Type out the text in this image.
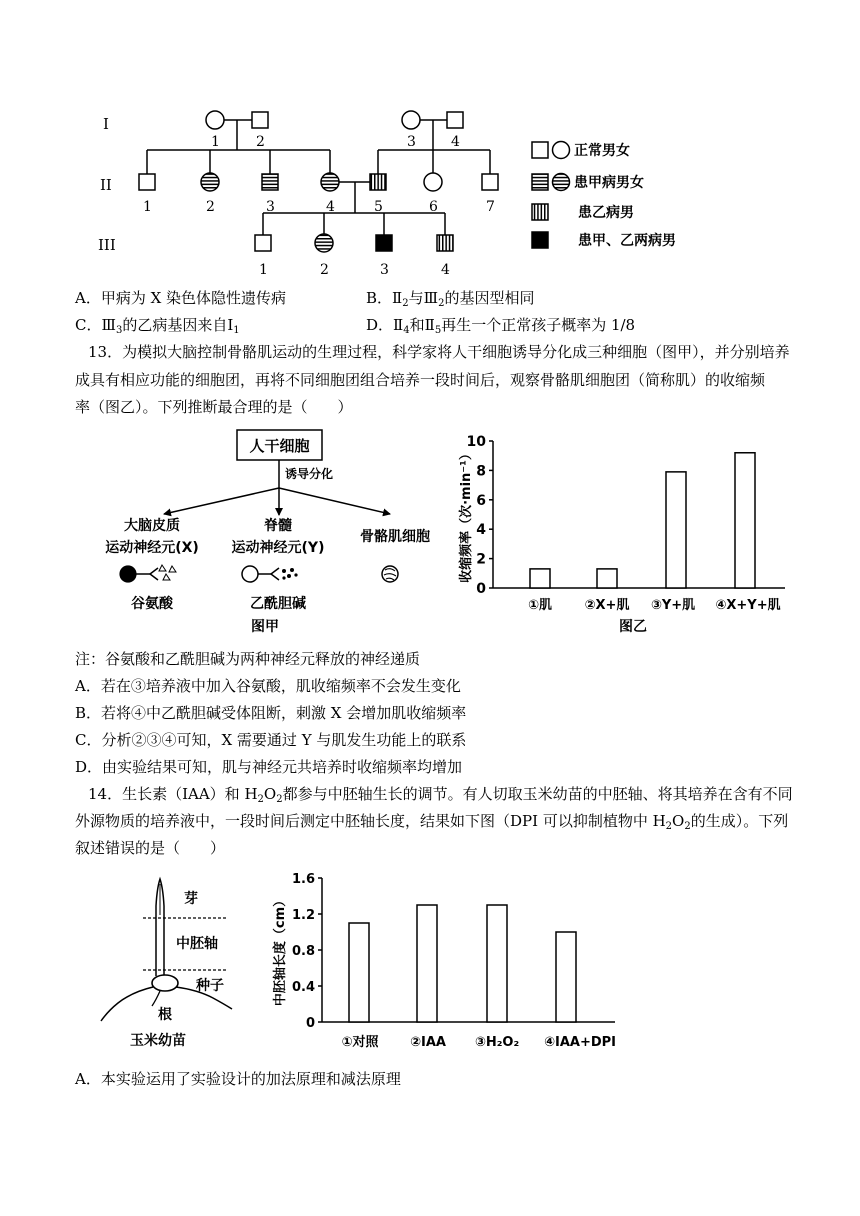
I
II
III
1	2	3	4
1	2	3	4	5	6	7
1	2	3	4
正常男女
患甲病男女
患乙病男
患甲、乙两病男
A．甲病为 X 染色体隐性遗传病	B．$Ⅱ_2$与$Ⅲ_2$的基因型相同
C．$Ⅲ_3$的乙病基因来自$Ⅰ_1$	D．$Ⅱ_4$和$Ⅱ_5$再生一个正常孩子概率为 1/8
13．为模拟大脑控制骨骼肌运动的生理过程，科学家将人干细胞诱导分化成三种细胞（图甲），并分别培养
成具有相应功能的细胞团，再将不同细胞团组合培养一段时间后，观察骨骼肌细胞团（简称肌）的收缩频
率（图乙）。下列推断最合理的是（　　）
人干细胞
诱导分化
大脑皮质
运动神经元(X)
脊髓
运动神经元(Y)
骨骼肌细胞
谷氨酸	乙酰胆碱
图甲
收缩频率（次·min⁻¹）
图乙
0
2
4
6
8
10
①肌	②X+肌 ③Y+肌 ④X+Y+肌
注：谷氨酸和乙酰胆碱为两种神经元释放的神经递质
A．若在③培养液中加入谷氨酸，肌收缩频率不会发生变化
B．若将④中乙酰胆碱受体阻断，刺激 X 会增加肌收缩频率
C．分析②③④可知，X 需要通过 Y 与肌发生功能上的联系
D．由实验结果可知，肌与神经元共培养时收缩频率均增加
14．生长素（IAA）和 $H_2O_2$都参与中胚轴生长的调节。有人切取玉米幼苗的中胚轴、将其培养在含有不同
外源物质的培养液中，一段时间后测定中胚轴长度，结果如下图（DPI 可以抑制植物中 $H_2O_2$的生成）。下列
叙述错误的是（　　）
芽
中胚轴
种子
根
玉米幼苗
中胚轴长度（cm）
0
0.4
0.8
1.2
1.6
①对照 ②IAA ③H₂O₂ ④IAA+DPI
A．本实验运用了实验设计的加法原理和减法原理
